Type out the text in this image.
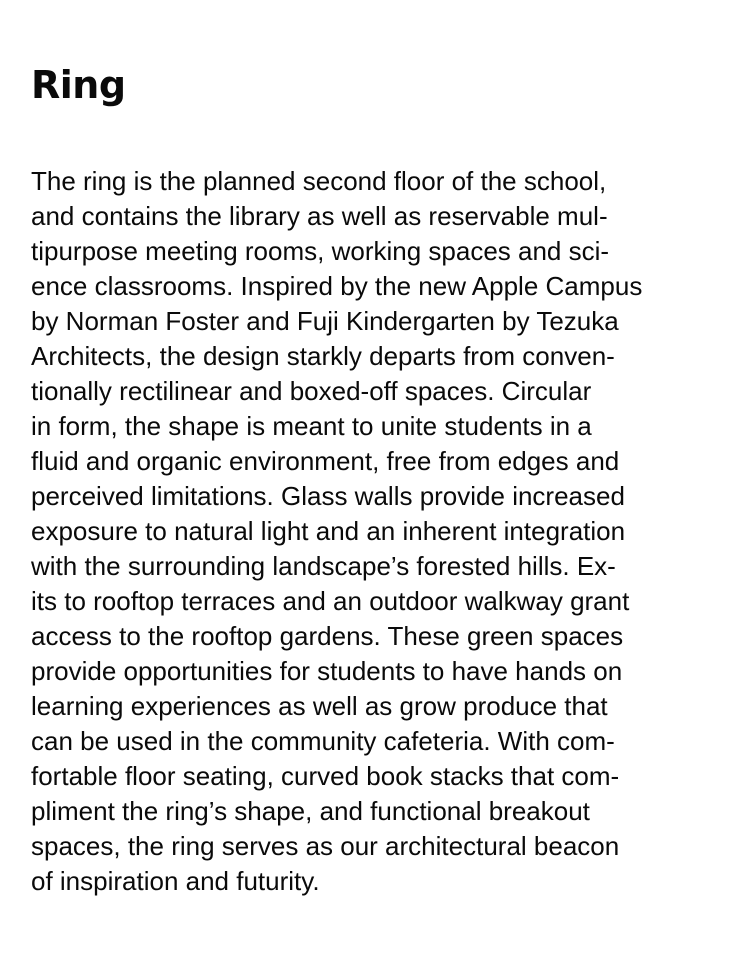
Ring

The ring is the planned second floor of the school,
and contains the library as well as reservable mul-
tipurpose meeting rooms, working spaces and sci-
ence classrooms. Inspired by the new Apple Campus
by Norman Foster and Fuji Kindergarten by Tezuka
Architects, the design starkly departs from conven-
tionally rectilinear and boxed-off spaces. Circular
in form, the shape is meant to unite students in a
fluid and organic environment, free from edges and
perceived limitations. Glass walls provide increased
exposure to natural light and an inherent integration
with the surrounding landscape’s forested hills. Ex-
its to rooftop terraces and an outdoor walkway grant
access to the rooftop gardens. These green spaces
provide opportunities for students to have hands on
learning experiences as well as grow produce that
can be used in the community cafeteria. With com-
fortable floor seating, curved book stacks that com-
pliment the ring’s shape, and functional breakout
spaces, the ring serves as our architectural beacon
of inspiration and futurity.
